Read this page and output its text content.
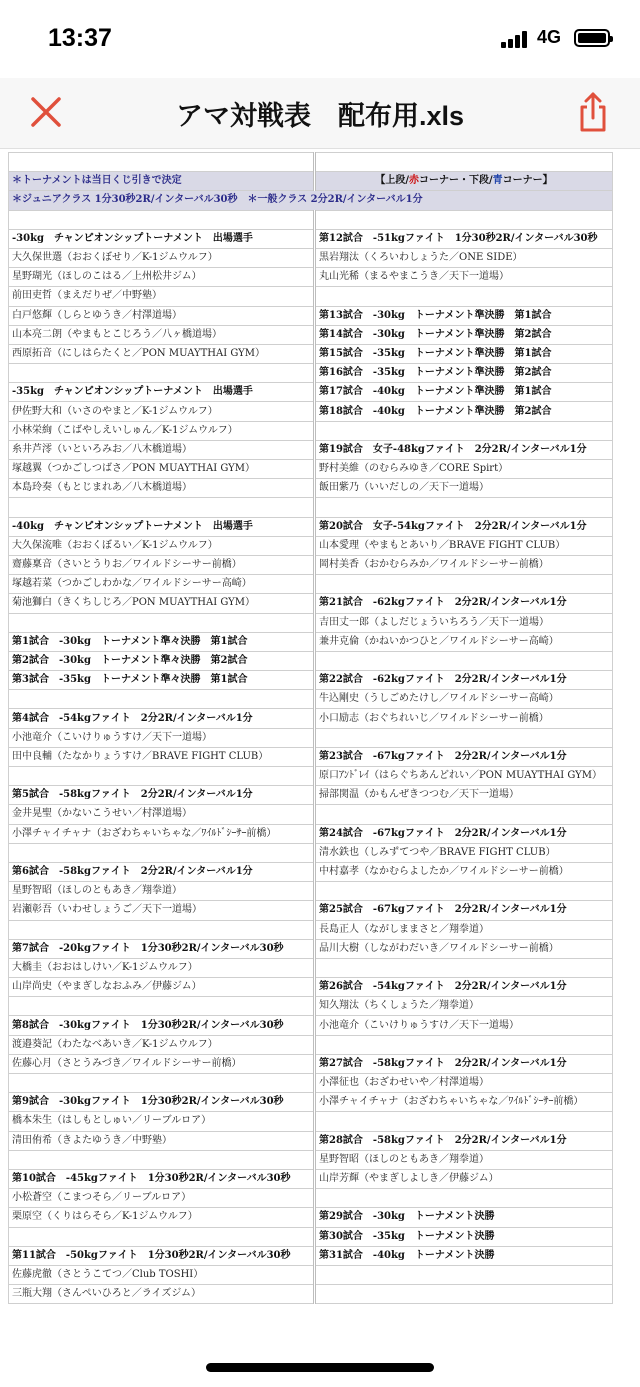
13:37	4G
アマ対戦表　配布用.xls

＊トーナメントは当日くじ引きで決定	【上段/赤コーナー・下段/青コーナー】
＊ジュニアクラス 1分30秒2R/インターバル30秒　＊一般クラス 2分2R/インターバル1分	

-30kg　チャンピオンシップトーナメント　出場選手	第12試合　-51kgファイト　1分30秒2R/インターバル30秒
大久保世選（おおくぼせり／K-1ジムウルフ）	黒岩翔汰（くろいわしょうた／ONE SIDE）
星野瑚光（ほしのこはる／上州松井ジム）	丸山光稀（まるやまこうき／天下一道場）
前田吏哲（まえだりぜ／中野塾）	
白戸悠輝（しらとゆうき／村澤道場）	第13試合　-30kg　トーナメント準決勝　第1試合
山本亮二朗（やまもとこじろう／八ヶ橋道場）	第14試合　-30kg　トーナメント準決勝　第2試合
西原拓音（にしはらたくと／PON MUAYTHAI GYM）	第15試合　-35kg　トーナメント準決勝　第1試合
	第16試合　-35kg　トーナメント準決勝　第2試合
-35kg　チャンピオンシップトーナメント　出場選手	第17試合　-40kg　トーナメント準決勝　第1試合
伊佐野大和（いさのやまと／K-1ジムウルフ）	第18試合　-40kg　トーナメント準決勝　第2試合
小林栄絢（こばやしえいしゅん／K-1ジムウルフ）	
糸井芦澪（いといろみお／八木橋道場）	第19試合　女子-48kgファイト　2分2R/インターバル1分
塚越翼（つかごしつばさ／PON MUAYTHAI GYM）	野村美維（のむらみゆき／CORE Spirt）
本島玲奏（もとじまれあ／八木橋道場）	飯田紫乃（いいだしの／天下一道場）

-40kg　チャンピオンシップトーナメント　出場選手	第20試合　女子-54kgファイト　2分2R/インターバル1分
大久保流唯（おおくぼるい／K-1ジムウルフ）	山本愛理（やまもとあいり／BRAVE FIGHT CLUB）
齋藤稟音（さいとうりお／ワイルドシーサー前橋）	岡村美香（おかむらみか／ワイルドシーサー前橋）
塚越若菜（つかごしわかな／ワイルドシーサー高崎）	
菊池獅白（きくちしじろ／PON MUAYTHAI GYM）	第21試合　-62kgファイト　2分2R/インターバル1分
	吉田丈一郎（よしだじょういちろう／天下一道場）
第1試合　-30kg　トーナメント準々決勝　第1試合	兼井克倫（かねいかつひと／ワイルドシーサー高崎）
第2試合　-30kg　トーナメント準々決勝　第2試合	
第3試合　-35kg　トーナメント準々決勝　第1試合	第22試合　-62kgファイト　2分2R/インターバル1分
	牛込剛史（うしごめたけし／ワイルドシーサー高崎）
第4試合　-54kgファイト　2分2R/インターバル1分	小口励志（おぐちれいじ／ワイルドシーサー前橋）
小池竜介（こいけりゅうすけ／天下一道場）	
田中良輔（たなかりょうすけ／BRAVE FIGHT CLUB）	第23試合　-67kgファイト　2分2R/インターバル1分
	原口ｱﾝﾄﾞﾚｲ（はらぐちあんどれい／PON MUAYTHAI GYM）
第5試合　-58kgファイト　2分2R/インターバル1分	掃部関温（かもんぜきつつむ／天下一道場）
金井晃聖（かないこうせい／村澤道場）	
小澤チャイチャナ（おざわちゃいちゃな／ﾜｲﾙﾄﾞｼｰｻｰ前橋）	第24試合　-67kgファイト　2分2R/インターバル1分
	清水鉄也（しみずてつや／BRAVE FIGHT CLUB）
第6試合　-58kgファイト　2分2R/インターバル1分	中村嘉孝（なかむらよしたか／ワイルドシーサー前橋）
星野智昭（ほしのともあき／翔拳道）	
岩瀬彰吾（いわせしょうご／天下一道場）	第25試合　-67kgファイト　2分2R/インターバル1分
	長島正人（ながしままさと／翔拳道）
第7試合　-20kgファイト　1分30秒2R/インターバル30秒	品川大樹（しながわだいき／ワイルドシーサー前橋）
大橋圭（おおはしけい／K-1ジムウルフ）	
山岸尚史（やまぎしなおふみ／伊藤ジム）	第26試合　-54kgファイト　2分2R/インターバル1分
	知久翔汰（ちくしょうた／翔拳道）
第8試合　-30kgファイト　1分30秒2R/インターバル30秒	小池竜介（こいけりゅうすけ／天下一道場）
渡邉葵記（わたなべあいき／K-1ジムウルフ）	
佐藤心月（さとうみづき／ワイルドシーサー前橋）	第27試合　-58kgファイト　2分2R/インターバル1分
	小澤征也（おざわせいや／村澤道場）
第9試合　-30kgファイト　1分30秒2R/インターバル30秒	小澤チャイチャナ（おざわちゃいちゃな／ﾜｲﾙﾄﾞｼｰｻｰ前橋）
橋本朱生（はしもとしゅい／リーブルロア）	
清田侑希（きよたゆうき／中野塾）	第28試合　-58kgファイト　2分2R/インターバル1分
	星野智昭（ほしのともあき／翔拳道）
第10試合　-45kgファイト　1分30秒2R/インターバル30秒	山岸芳輝（やまぎしよしき／伊藤ジム）
小松蒼空（こまつそら／リーブルロア）	
栗原空（くりはらそら／K-1ジムウルフ）	第29試合　-30kg　トーナメント決勝
	第30試合　-35kg　トーナメント決勝
第11試合　-50kgファイト　1分30秒2R/インターバル30秒	第31試合　-40kg　トーナメント決勝
佐藤虎徹（さとうこてつ／Club TOSHI）	
三瓶大翔（さんぺいひろと／ライズジム）	
